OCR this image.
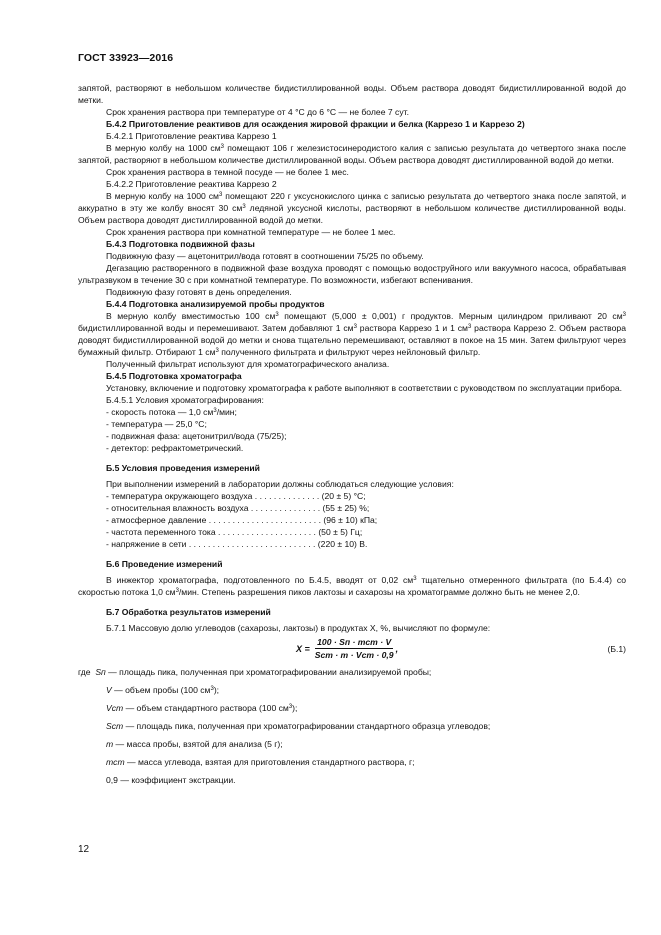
ГОСТ 33923—2016

запятой, растворяют в небольшом количестве бидистиллированной воды. Объем раствора доводят бидистиллированной водой до метки.

Срок хранения раствора при температуре от 4 °С до 6 °С — не более 7 сут.

Б.4.2 Приготовление реактивов для осаждения жировой фракции и белка (Каррезо 1 и Каррезо 2)

Б.4.2.1 Приготовление реактива Каррезо 1

В мерную колбу на 1000 $см^3$ помещают 106 г железистосинеродистого калия с записью результата до четвертого знака после запятой, растворяют в небольшом количестве дистиллированной воды. Объем раствора доводят дистиллированной водой до метки.

Срок хранения раствора в темной посуде — не более 1 мес.

Б.4.2.2 Приготовление реактива Каррезо 2

В мерную колбу на 1000 $см^3$ помещают 220 г уксуснокислого цинка с записью результата до четвертого знака после запятой, и аккуратно в эту же колбу вносят 30 $см^3$ ледяной уксусной кислоты, растворяют в небольшом количестве дистиллированной воды. Объем раствора доводят дистиллированной водой до метки.

Срок хранения раствора при комнатной температуре — не более 1 мес.

Б.4.3 Подготовка подвижной фазы

Подвижную фазу — ацетонитрил/вода готовят в соотношении 75/25 по объему.

Дегазацию растворенного в подвижной фазе воздуха проводят с помощью водоструйного или вакуумного насоса, обрабатывая ультразвуком в течение 30 с при комнатной температуре. По возможности, избегают вспенивания.

Подвижную фазу готовят в день определения.

Б.4.4 Подготовка анализируемой пробы продуктов

В мерную колбу вместимостью 100 $см^3$ помещают (5,000 ± 0,001) г продуктов. Мерным цилиндром приливают 20 $см^3$ бидистиллированной воды и перемешивают. Затем добавляют 1 $см^3$ раствора Каррезо 1 и 1 $см^3$ раствора Каррезо 2. Объем раствора доводят бидистиллированной водой до метки и снова тщательно перемешивают, оставляют в покое на 15 мин. Затем фильтруют через бумажный фильтр. Отбирают 1 $см^3$ полученного фильтрата и фильтруют через нейлоновый фильтр.

Полученный фильтрат используют для хроматографического анализа.

Б.4.5 Подготовка хроматографа

Установку, включение и подготовку хроматографа к работе выполняют в соответствии с руководством по эксплуатации прибора.

Б.4.5.1 Условия хроматографирования:

- скорость потока — 1,0 $см^3$/мин;

- температура — 25,0 °С;

- подвижная фаза: ацетонитрил/вода (75/25);

- детектор: рефрактометрический.

Б.5 Условия проведения измерений

При выполнении измерений в лаборатории должны соблюдаться следующие условия:

- температура окружающего воздуха . . . . . . . . . . . . . . (20 ± 5) °С;

- относительная влажность воздуха . . . . . . . . . . . . . . . (55 ± 25) %;

- атмосферное давление . . . . . . . . . . . . . . . . . . . . . . . . (96 ± 10) кПа;

- частота переменного тока . . . . . . . . . . . . . . . . . . . . . (50 ± 5) Гц;

- напряжение в сети . . . . . . . . . . . . . . . . . . . . . . . . . . . (220 ± 10) В.

Б.6 Проведение измерений

В инжектор хроматографа, подготовленного по Б.4.5, вводят от 0,02 $см^3$ тщательно отмеренного фильтрата (по Б.4.4) со скоростью потока 1,0 $см^3$/мин. Степень разрешения пиков лактозы и сахарозы на хроматограмме должно быть не менее 2,0.

Б.7 Обработка результатов измерений

Б.7.1 Массовую долю углеводов (сахарозы, лактозы) в продуктах X, %, вычисляют по формуле:

$X = \frac{\text{100 · Sп · mст · V}}{\text{Sст · m · Vст · 0,9}}$ ,	(Б.1)

где Sп — площадь пика, полученная при хроматографировании анализируемой пробы;

V — объем пробы (100 $см^3$);

Vст — объем стандартного раствора (100 $см^3$);

Sст — площадь пика, полученная при хроматографировании стандартного образца углеводов;

m — масса пробы, взятой для анализа (5 г);

mст — масса углевода, взятая для приготовления стандартного раствора, г;

0,9 — коэффициент экстракции.

12
